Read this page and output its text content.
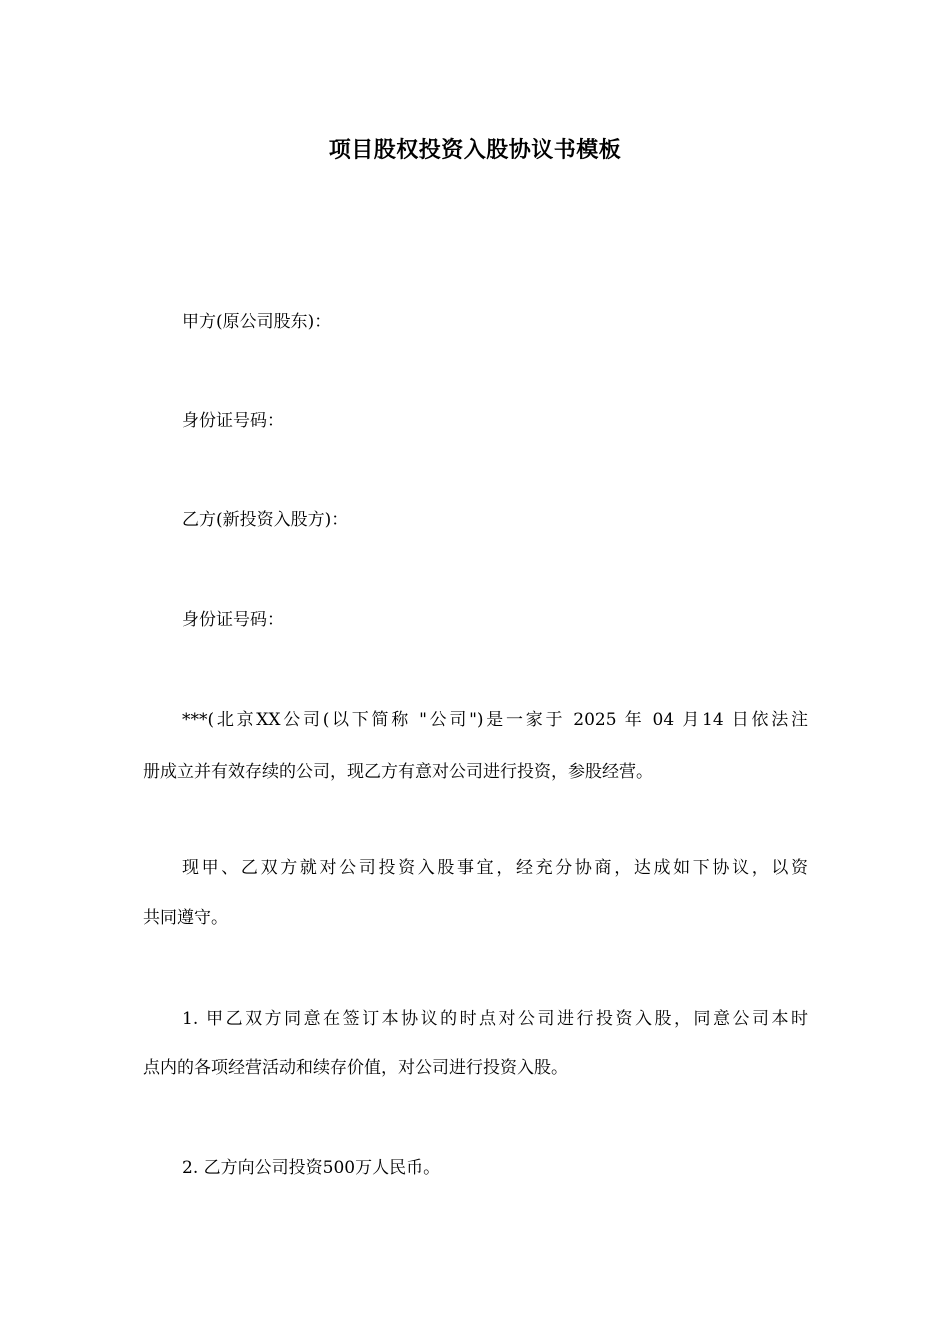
项目股权投资入股协议书模板
甲方(原公司股东)：
身份证号码：
乙方(新投资入股方)：
身份证号码：
***(北京XX公司(以下简称 "公司")是一家于 2025 年 04 月14 日依法注
册成立并有效存续的公司，现乙方有意对公司进行投资，参股经营。
现甲、乙双方就对公司投资入股事宜，经充分协商，达成如下协议，以资
共同遵守。
1. 甲乙双方同意在签订本协议的时点对公司进行投资入股，同意公司本时
点内的各项经营活动和续存价值，对公司进行投资入股。
2. 乙方向公司投资500万人民币。
